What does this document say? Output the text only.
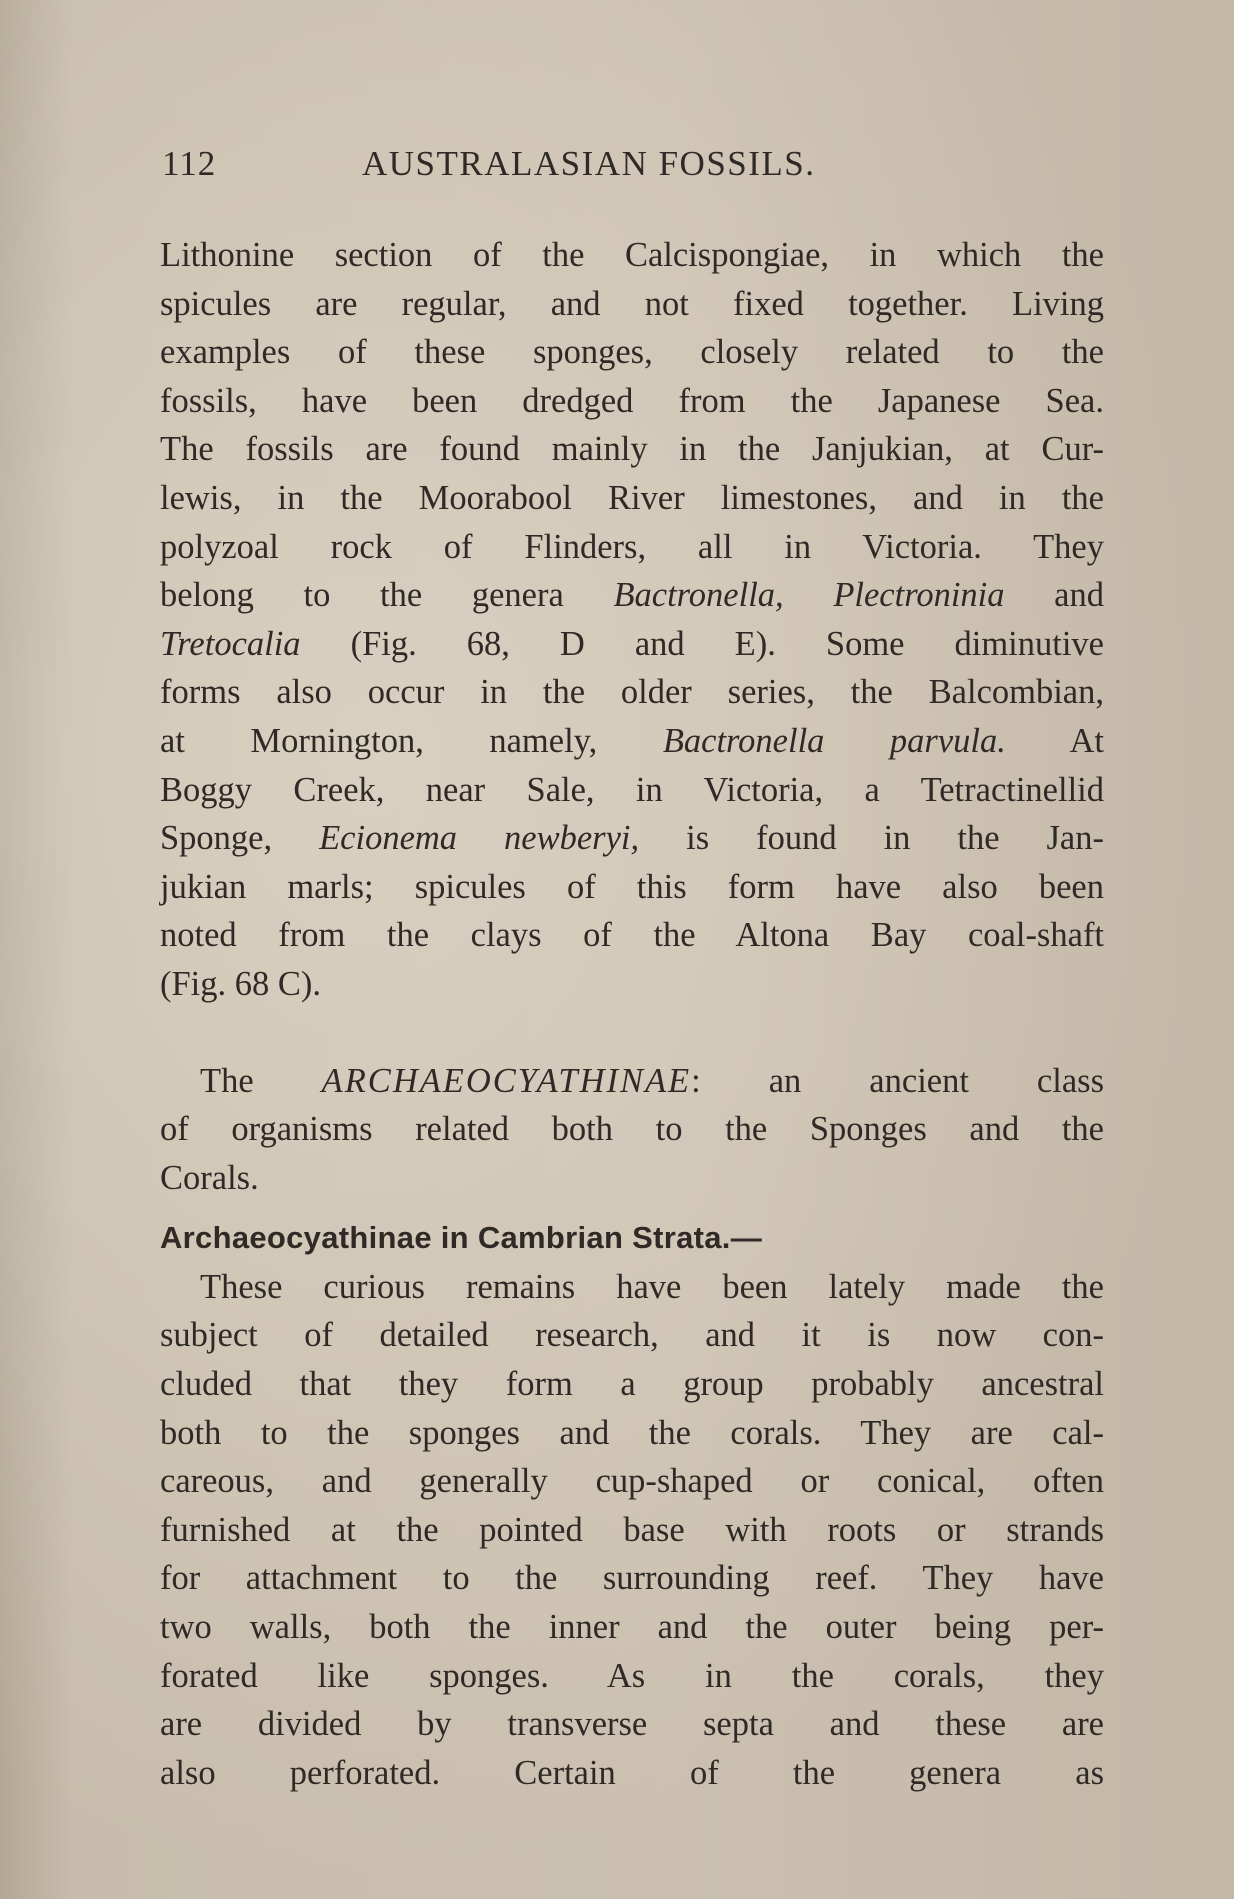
112	AUSTRALASIAN FOSSILS.
Lithonine section of the Calcispongiae, in which the
spicules are regular, and not fixed together. Living
examples of these sponges, closely related to the
fossils, have been dredged from the Japanese Sea.
The fossils are found mainly in the Janjukian, at Cur-
lewis, in the Moorabool River limestones, and in the
polyzoal rock of Flinders, all in Victoria. They
belong to the genera Bactronella, Plectroninia and
Tretocalia (Fig. 68, D and E). Some diminutive
forms also occur in the older series, the Balcombian,
at Mornington, namely, Bactronella parvula. At
Boggy Creek, near Sale, in Victoria, a Tetractinellid
Sponge, Ecionema newberyi, is found in the Jan-
jukian marls; spicules of this form have also been
noted from the clays of the Altona Bay coal-shaft
(Fig. 68 C).
The ARCHAEOCYATHINAE: an ancient class
of organisms related both to the Sponges and the
Corals.
Archaeocyathinae in Cambrian Strata.—
These curious remains have been lately made the
subject of detailed research, and it is now con-
cluded that they form a group probably ancestral
both to the sponges and the corals. They are cal-
careous, and generally cup-shaped or conical, often
furnished at the pointed base with roots or strands
for attachment to the surrounding reef. They have
two walls, both the inner and the outer being per-
forated like sponges. As in the corals, they
are divided by transverse septa and these are
also perforated. Certain of the genera as
